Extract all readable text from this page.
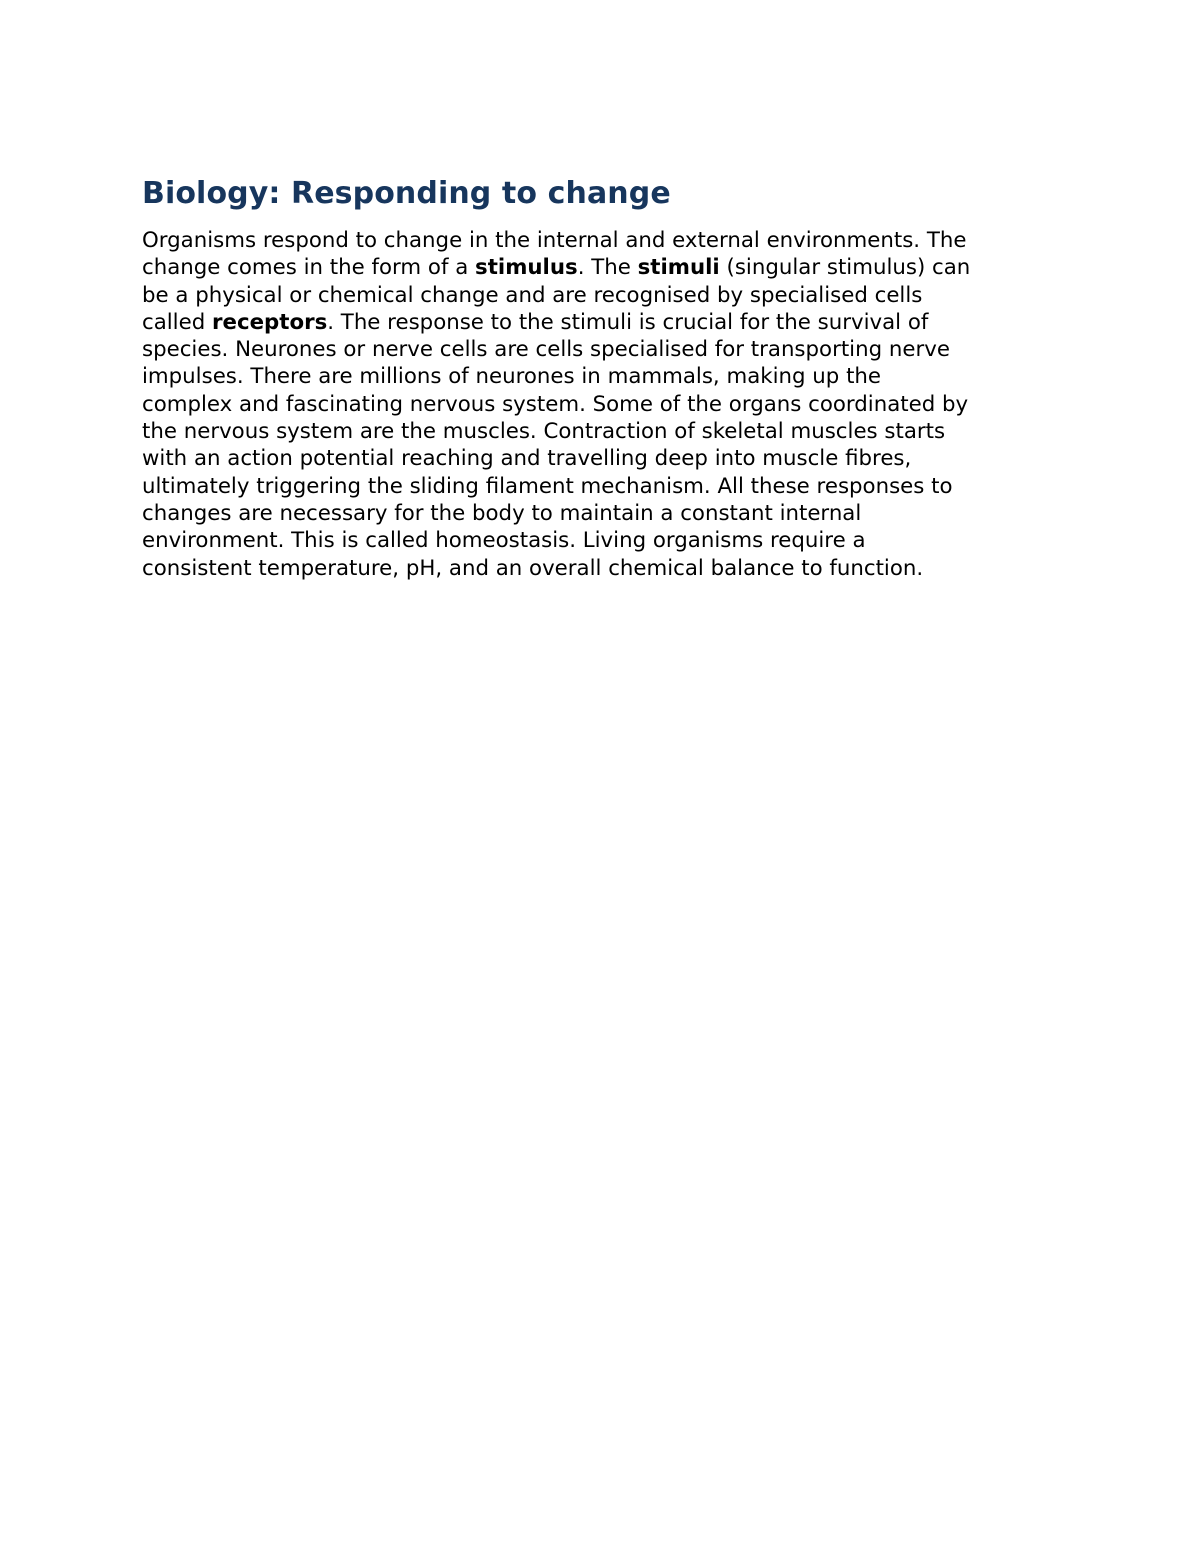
Biology: Responding to change

Organisms respond to change in the internal and external environments. The
change comes in the form of a stimulus. The stimuli (singular stimulus) can
be a physical or chemical change and are recognised by specialised cells
called receptors. The response to the stimuli is crucial for the survival of
species. Neurones or nerve cells are cells specialised for transporting nerve
impulses. There are millions of neurones in mammals, making up the
complex and fascinating nervous system. Some of the organs coordinated by
the nervous system are the muscles. Contraction of skeletal muscles starts
with an action potential reaching and travelling deep into muscle fibres,
ultimately triggering the sliding filament mechanism. All these responses to
changes are necessary for the body to maintain a constant internal
environment. This is called homeostasis. Living organisms require a
consistent temperature, pH, and an overall chemical balance to function.
